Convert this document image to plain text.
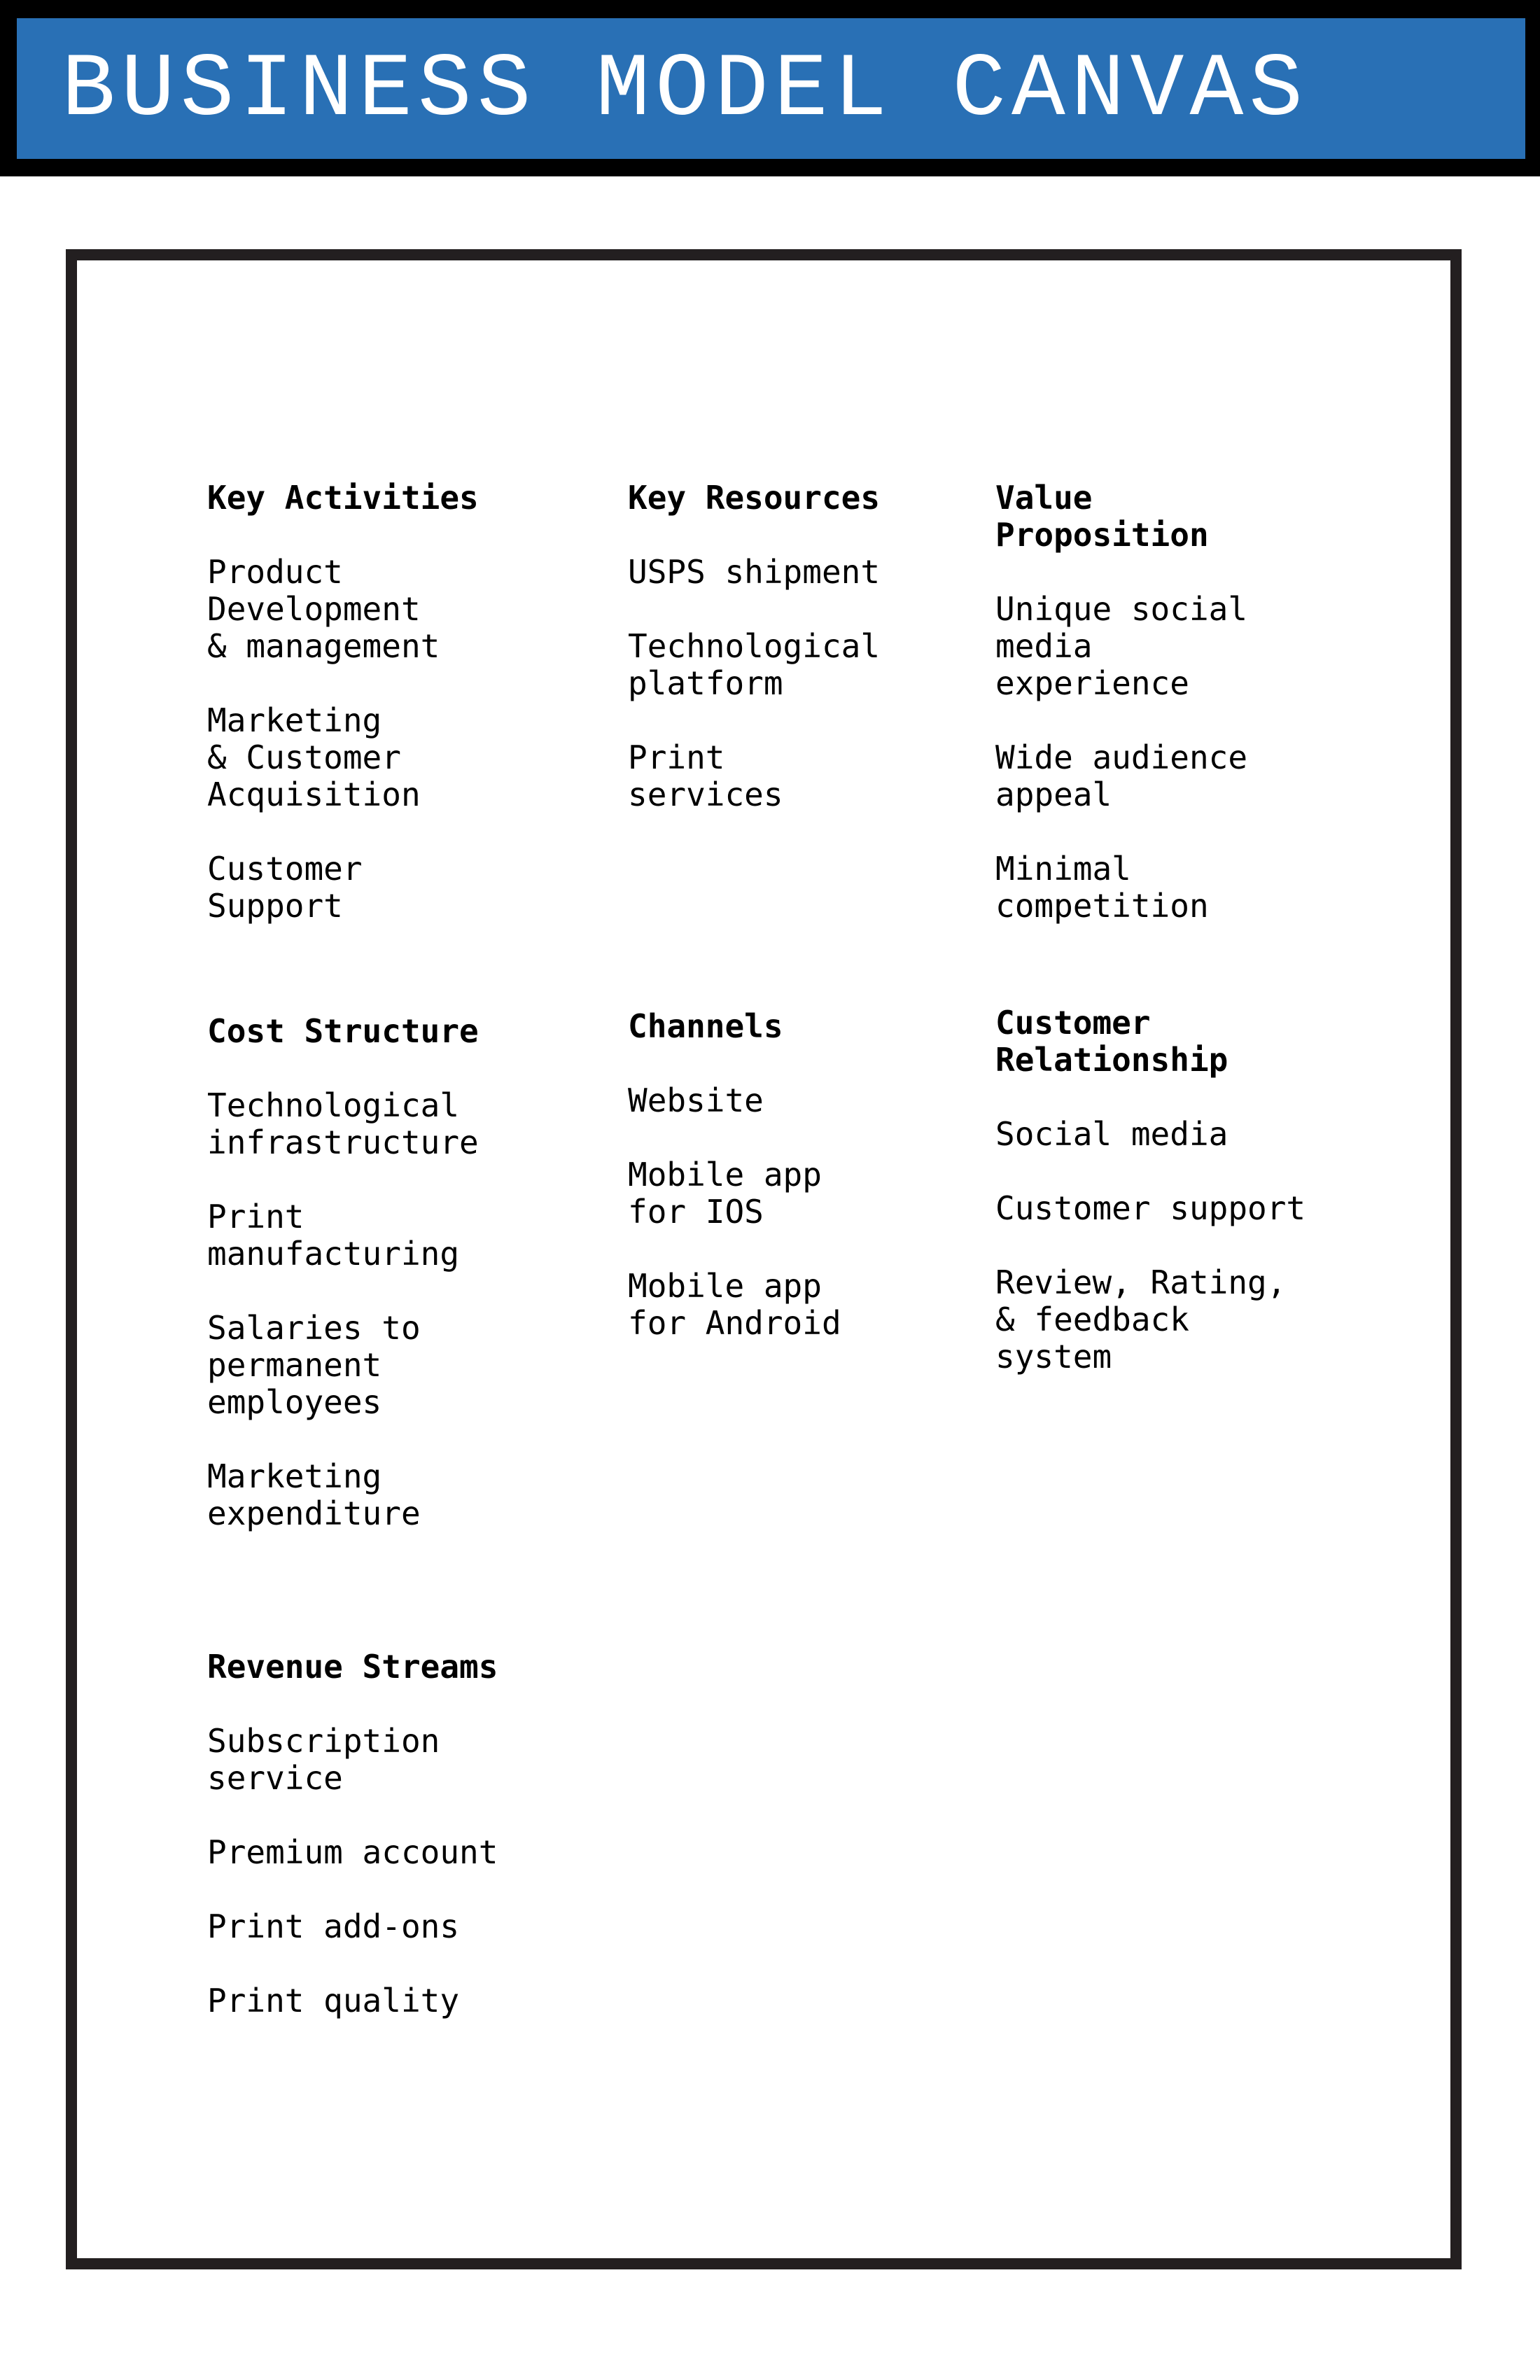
BUSINESS MODEL CANVAS
Key Activities
Product
Development
& management
Marketing
& Customer
Acquisition
Customer
Support
Key Resources
USPS shipment
Technological
platform
Print
services
Value
Proposition
Unique social
media
experience
Wide audience
appeal
Minimal
competition
Cost Structure
Technological
infrastructure
Print
manufacturing
Salaries to
permanent
employees
Marketing
expenditure
Channels
Website
Mobile app
for IOS
Mobile app
for Android
Customer
Relationship
Social media
Customer support
Review, Rating,
& feedback
system
Revenue Streams
Subscription
service
Premium account
Print add-ons
Print quality
